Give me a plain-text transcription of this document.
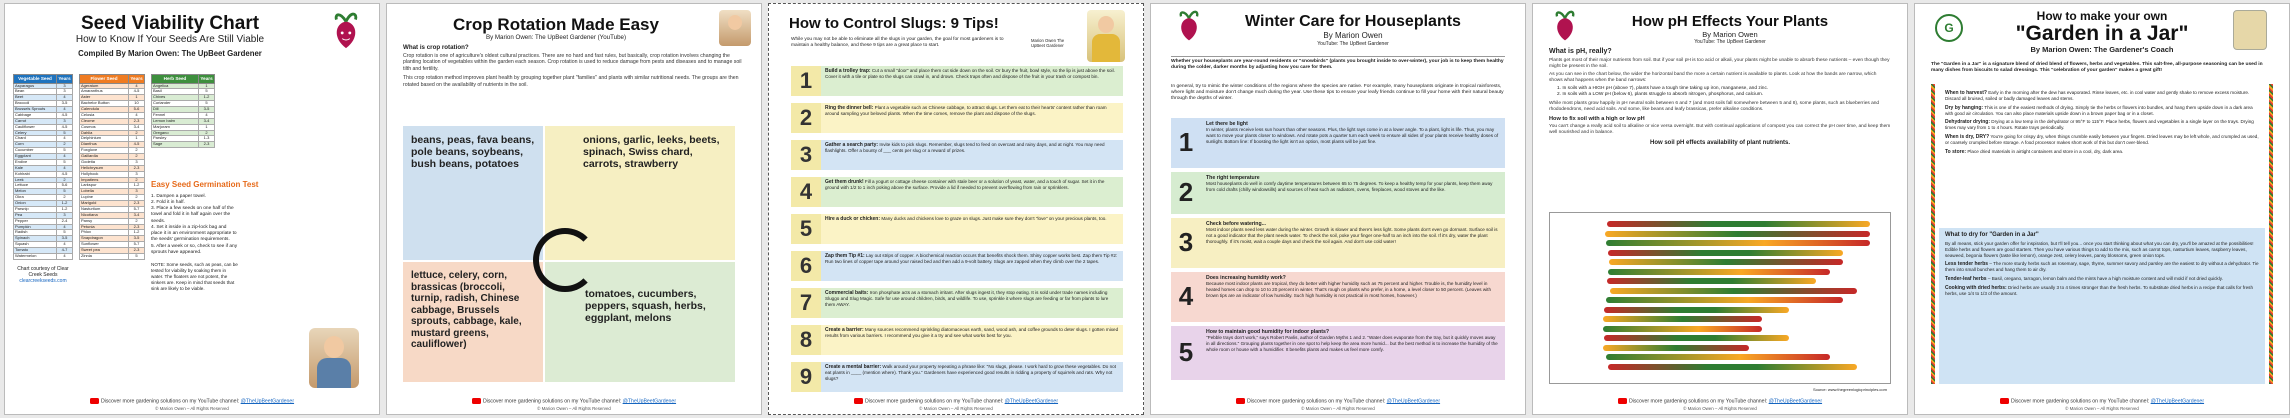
Seed Viability Chart
How to Know If Your Seeds Are Still Viable
Compiled By Marion Owen: The UpBeet Gardener
Vegetable Seed	Years
Asparagus	3
Bean	3
Beet	4
Broccoli	3-5
Brussels Sprouts	4
Cabbage	4-5
Carrot	3
Cauliflower	4-5
Celery	5
Chard	4
Corn	2
Cucumber	5
Eggplant	4
Endive	5
Kale	4
Kohlrabi	4-5
Leek	2
Lettuce	5-6
Melon	5
Okra	2
Onion	1-2
Parsnip	1-2
Pea	3
Pepper	2-4
Pumpkin	4
Radish	5
Spinach	3-5
Squash	4
Tomato	4-7
Watermelon	4
Flower Seed	Years
Ageratum	4
Amaranthus	4-5
Aster	1
Bachelor Button	10
Calendula	5-6
Celosia	4
Cleome	2-3
Cosmos	3-4
Dahlia	2
Delphinium	1
Dianthus	4-5
Foxglove	2
Gaillardia	2
Godetia	3
Helichrysum	2-3
Hollyhock	3
Impatiens	2
Larkspur	1-2
Lobelia	3
Lupine	2
Marigold	2-3
Nasturtium	5-7
Nicotiana	3-4
Pansy	2
Petunia	2-3
Phlox	1-2
Snapdragon	3-5
Sunflower	5-7
Sweet pea	2-3
Zinnia	5
Herb Seed	Years
Angelica	1
Basil	5
Chives	1-2
Coriander	5
Dill	3-5
Fennel	4
Lemon balm	3-4
Marjoram	1
Oregano	2
Parsley	1-3
Sage	2-3
Easy Seed Germination Test
1. Dampen a paper towel.
2. Fold it in half.
3. Place a few seeds on one half of the towel and fold it in half again over the seeds.
4. Set it inside in a zip-lock bag and place it in an environment appropriate to the seeds' germination requirements.
5. After a week or so, check to see if any sprouts have appeared.
NOTE: Some seeds, such as peas, can be tested for viability by soaking them in water. The floaters are not potent, the sinkers are. Keep in mind that seeds that sink are likely to be viable.
Chart courtesy of Clear Creek Seeds
clearcreekseeds.com
Discover more gardening solutions on my YouTube channel: @TheUpBeetGardener
© Marion Owen – All Rights Reserved
Crop Rotation Made Easy
By Marion Owen: The UpBeet Gardener (YouTube)
What is crop rotation?

Crop rotation is one of agriculture's oldest cultural practices. There are no hard and fast rules, but basically, crop rotation involves changing the planting location of vegetables within the garden each season. Crop rotation is used to reduce damage from pests and diseases and to manage soil tilth and fertility.

This crop rotation method improves plant health by grouping together plant "families" and plants with similar nutritional needs. The groups are then rotated based on the availability of nutrients in the soil.

beans, peas, fava beans, pole beans, soybeans, bush beans, potatoes
onions, garlic, leeks, beets, spinach, Swiss chard, carrots, strawberry
lettuce, celery, corn, brassicas (broccoli, turnip, radish, Chinese cabbage, Brussels sprouts, cabbage, kale, mustard greens, cauliflower)
tomatoes, cucumbers, peppers, squash, herbs, eggplant, melons
Discover more gardening solutions on my YouTube channel: @TheUpBeetGardener
© Marion Owen – All Rights Reserved
How to Control Slugs: 9 Tips!
While you may not be able to eliminate all the slugs in your garden, the goal for most gardeners is to maintain a healthy balance, and these 9 tips are a great place to start.
Marion Owen The UpBeet Gardener
1	Build a trolley trap: Cut a small "door" and place them cut side down on the soil. Or bury the fruit, bowl style, so the lip is just above the soil. Cover it with a tile or plate so the slugs can crawl in, and drown. Check traps often and dispose of the fruit in your trash or compost bin.
2	Ring the dinner bell: Plant a vegetable such as Chinese cabbage, to attract slugs. Let them eat to their hearts' content rather than roam around sampling your beloved plants. When the time comes, remove the plant and dispose of the slugs.
3	Gather a search party: Invite kids to pick slugs. Remember, slugs tend to feed on overcast and rainy days, and at night. You may need flashlights. Offer a bounty of ___ cents per slug or a reward of prizes.
4	Get them drunk! Fill a yogurt or cottage cheese container with stale beer or a solution of yeast, water, and a touch of sugar. Set it in the ground with 1/2 to 1 inch poking above the surface. Provide a lid if needed to prevent overflowing from rain or sprinklers.
5	Hire a duck or chicken: Many ducks and chickens love to graze on slugs. Just make sure they don't "love" on your precious plants, too.
6	Zap them Tip #1: Lay out strips of copper. A biochemical reaction occurs that benefits shock them. Shiny copper works best. Zap them Tip #2: Run two lines of copper tape around your raised bed and then add a 9-volt battery. Slugs are zapped when they climb over the 2 tapes.
7	Commercial baits: Iron phosphate acts as a stomach irritant. After slugs ingest it, they stop eating. It is sold under trade names including Sluggo and Slug Magic. Safe for use around children, birds, and wildlife. To use, sprinkle it where slugs are feeding or far from plants to lure them AWAY.
8	Create a barrier: Many sources recommend sprinkling diatomaceous earth, sand, wood ash, and coffee grounds to deter slugs. I gotten mixed results from various barriers. I recommend you give it a try and see what works best for you.
9	Create a mental barrier: Walk around your property repeating a phrase like: "No slugs, please. I work hard to grow these vegetables. Do not eat plants in ____ (mention where). Thank you." Gardeners have experienced good results in ridding a property of squirrels and rats. Why not slugs?
Discover more gardening solutions on my YouTube channel: @TheUpBeetGardener
© Marion Owen – All Rights Reserved
Winter Care for Houseplants
By Marion Owen
YouTube: The UpBeet Gardener
Whether your houseplants are year-round residents or "snowbirds" (plants you brought inside to over-winter), your job is to keep them healthy during the colder, darker months by adjusting how you care for them.
In general, try to mimic the winter conditions of the regions where the species are native. For example, many houseplants originate in tropical rainforests, where light and moisture don't change much during the year. Use these tips to ensure your leafy friends continue to fill your home with their natural beauty through the depths of winter.
1
Let there be light
In winter, plants receive less sun hours than other seasons. Plus, the light rays come in at a lower angle. To a plant, light is life. Thus, you may want to move your plants closer to windows. And rotate pots a quarter turn each week to ensure all sides of your plants receive healthy doses of sunlight. Bottom line: If boosting the light isn't an option, most plants will be just fine.
2	The right temperature
Most houseplants do well in comfy daytime temperatures between 65 to 75 degrees. To keep a healthy temp for your plants, keep them away from cold drafts (chilly windowsills) and sources of heat such as radiators, ovens, fireplaces, wood stoves and the like.
3
Check before watering...
Most indoor plants need less water during the winter. Growth is slower and there's less light. Some plants don't even go dormant. Surface soil is not a good indicator that the plant needs water. To check the soil, poke your finger one-half to an inch into the soil. If it's dry, water the plant thoroughly. If it's moist, wait a couple days and check the soil again. And don't use cold water!
4
Does increasing humidity work?
Because most indoor plants are tropical, they do better with higher humidity such as 75 percent and higher. Trouble is, the humidity level in heated homes can drop to 10 to 20 percent in winter. That's rough on plants who prefer, in a home, a level closer to 50 percent. (Leaves with brown tips are an indicator of low humidity. Such high humidity is not practical in most homes, however.)
5
How to maintain good humidity for indoor plants?
"Pebble trays don't work," says Robert Pavlis, author of Garden Myths 1 and 2. "Water does evaporate from the tray, but it quickly moves away in all directions." Grouping plants together in one spot to help keep the area more humid... but the best method is to increase the humidity of the whole room or house with a humidifier. It benefits plants and makes us feel more comfy.
Discover more gardening solutions on my YouTube channel: @TheUpBeetGardener
© Marion Owen – All Rights Reserved
How pH Effects Your Plants
By Marion Owen
YouTube: The UpBeet Gardener
What is pH, really?

Plants get most of their major nutrients from soil. But if your soil pH is too acid or alkali, your plants might be unable to absorb these nutrients – even though they might be present in the soil.

As you can see in the chart below, the wider the horizontal band the more a certain nutrient is available to plants. Look at how the bands are narrow, which shows what happens when the band narrows:

1. In soils with a HIGH pH (above 7), plants have a tough time taking up iron, manganese, and zinc.
2. In soils with a LOW pH (below 6), plants struggle to absorb nitrogen, phosphorus, and calcium.

While most plants grow happily in pH neutral soils between 6 and 7 (and most soils fall somewhere between 5 and 8), some plants, such as blueberries and rhododendrons, need acid soils. And some, like beans and leafy brassicas, prefer alkaline conditions.

How to fix soil with a high or low pH

You can't change a really acid soil to alkaline or vice versa overnight. But with continual applications of compost you can correct the pH over time, and keep them well nourished and in balance.

How soil pH effects availability of plant nutrients.
Source: www.thegreenlogicprinciples.com
Discover more gardening solutions on my YouTube channel: @TheUpBeetGardener
© Marion Owen – All Rights Reserved
G
How to make your own
"Garden in a Jar"
By Marion Owen: The Gardener's Coach
The "Garden in a Jar" is a signature blend of dried blend of flowers, herbs and vegetables. This salt-free, all-purpose seasoning can be used in many dishes from biscuits to salad dressings. This "celebration of your garden" makes a great gift!
When to harvest? Early in the morning after the dew has evaporated. Rinse leaves, etc. in cool water and gently shake to remove excess moisture. Discard all bruised, soiled or badly damaged leaves and stems.
Dry by hanging: This is one of the easiest methods of drying. Simply tie the herbs or flowers into bundles, and hang them upside down in a dark area with good air circulation. You can also place materials upside down in a brown paper bag or in a closet.
Dehydrator drying: Drying at a low temp in the dehydrator or 95°F to 115°F. Place herbs, flowers and vegetables in a single layer on the trays. Drying times may vary from 1 to 4 hours. Rotate trays periodically.
When is dry, DRY? You're going for crispy dry, when things crumble easily between your fingers. Dried leaves may be left whole, and crumpled as used, or coarsely crumpled before storage. A food processor makes short work of this but don't over-blend.
To store: Place dried materials in airtight containers and store in a cool, dry, dark area.
What to dry for "Garden in a Jar"
By all means, stick your garden offer for inspiration, but I'll tell you... once you start thinking about what you can dry, you'll be amazed at the possibilities! Edible herbs and flowers are good starters. Then you have various things to add to the mix, such as carrot tops, nasturtium leaves, raspberry leaves, seaweed, begonia flowers (taste like lemon!), orange zest, celery leaves, pansy blossoms, green onion tops.
Less tender herbs – The more sturdy herbs such as rosemary, sage, thyme, summer savory and parsley are the easiest to dry without a dehydrator. Tie them into small bunches and hang them to air dry.
Tender-leaf herbs – Basil, oregano, tarragon, lemon balm and the mints have a high moisture content and will mold if not dried quickly.
Cooking with dried herbs: Dried herbs are usually 3 to 4 times stronger than the fresh herbs. To substitute dried herbs in a recipe that calls for fresh herbs, use 1/4 to 1/3 of the amount.
Discover more gardening solutions on my YouTube channel: @TheUpBeetGardener
© Marion Owen – All Rights Reserved
